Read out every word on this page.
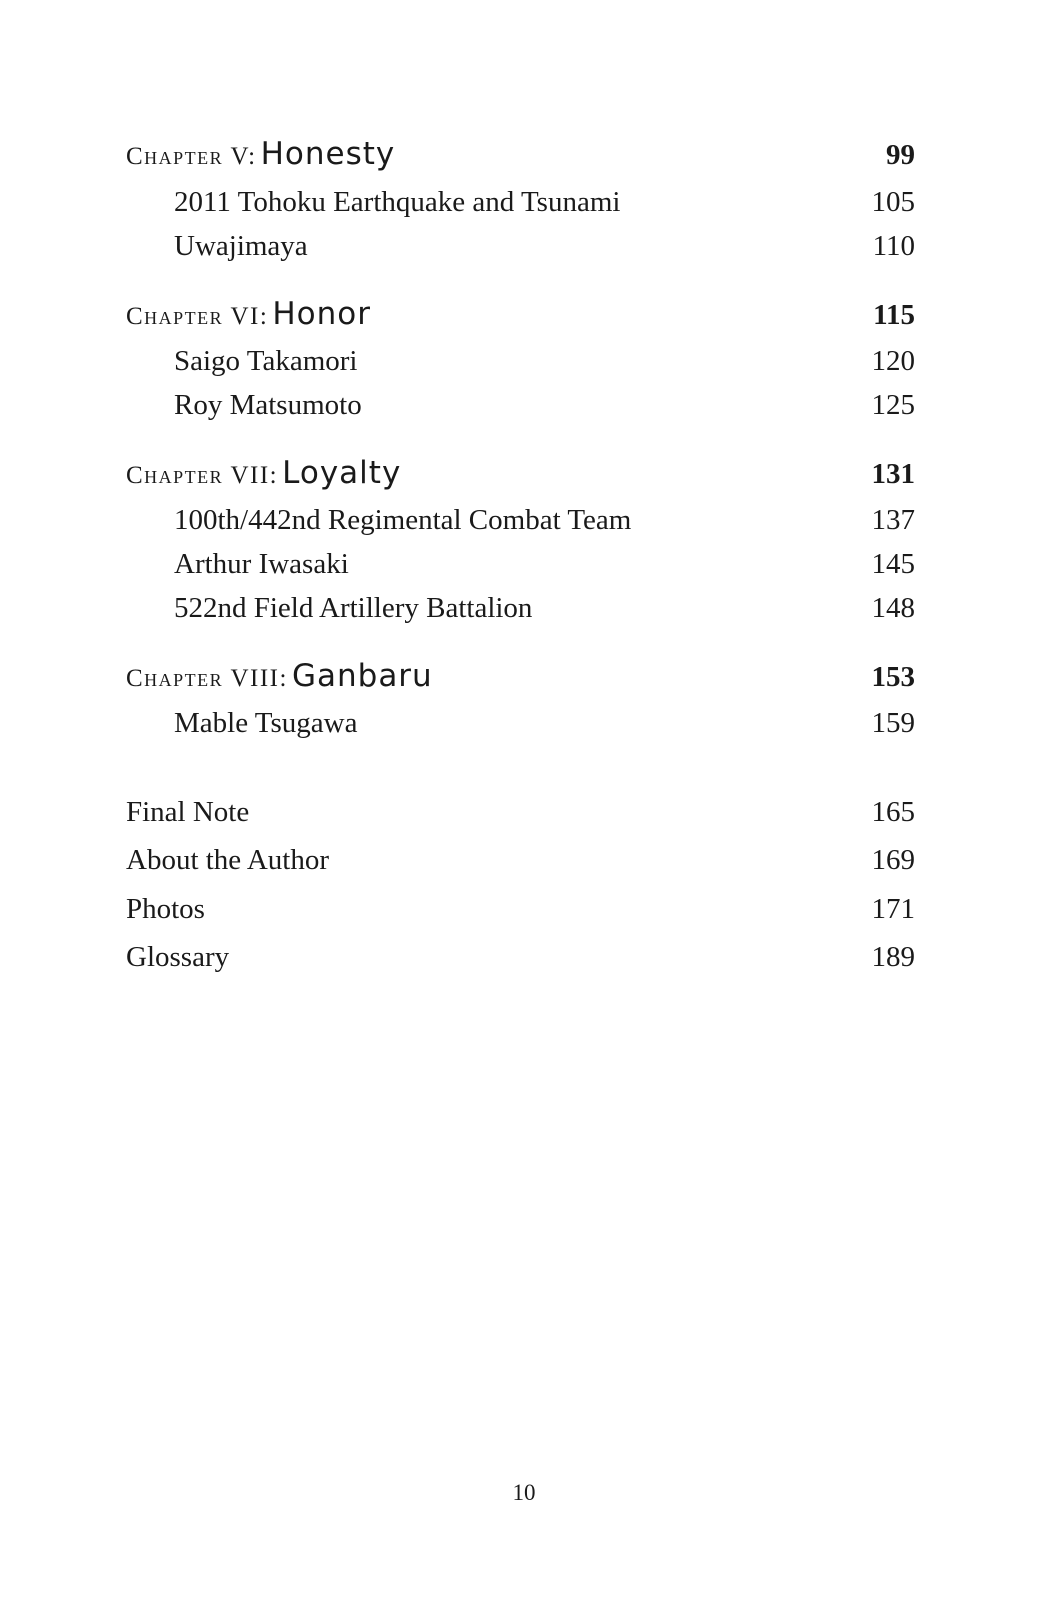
Chapter V: Honesty	99
2011 Tohoku Earthquake and Tsunami	105
Uwajimaya	110
Chapter VI: Honor	115
Saigo Takamori	120
Roy Matsumoto	125
Chapter VII: Loyalty	131
100th/442nd Regimental Combat Team	137
Arthur Iwasaki	145
522nd Field Artillery Battalion	148
Chapter VIII: Ganbaru	153
Mable Tsugawa	159
Final Note	165
About the Author	169
Photos	171
Glossary	189
10
